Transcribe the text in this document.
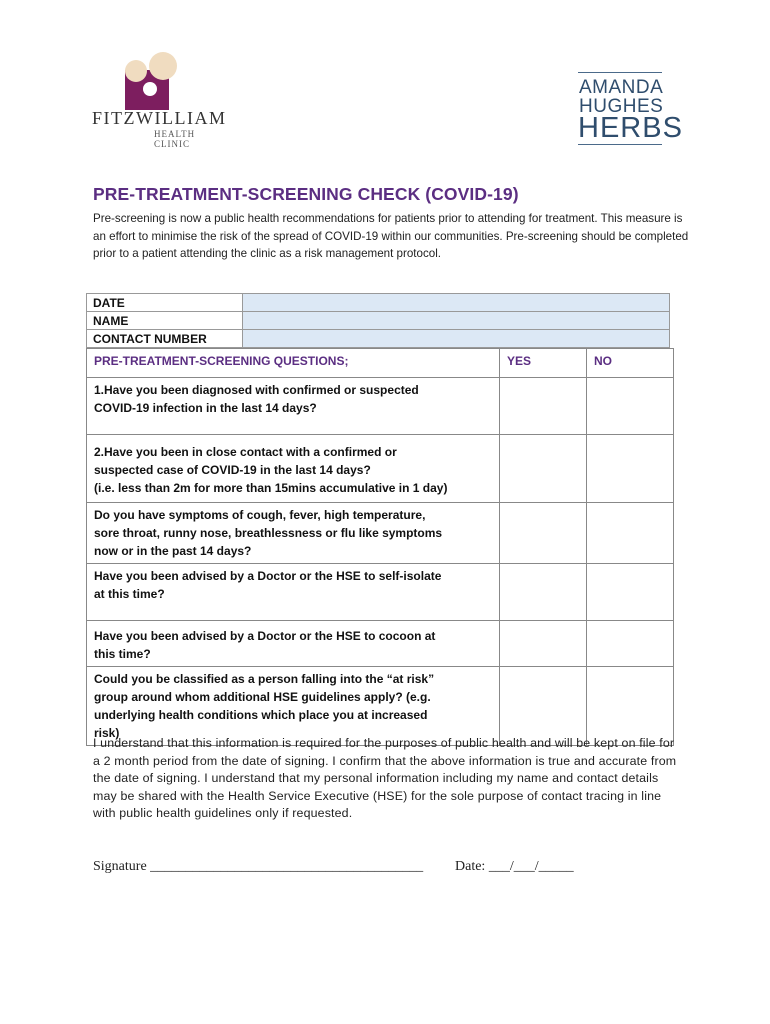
FITZWILLIAM
HEALTH CLINIC
AMANDA
HUGHES
HERBS
PRE-TREATMENT-SCREENING CHECK (COVID-19)
Pre-screening is now a public health recommendations for patients prior to attending for treatment. This measure is an effort to minimise the risk of the spread of COVID-19 within our communities. Pre-screening should be completed prior to a patient attending the clinic as a risk management protocol.
DATE	
NAME	
CONTACT NUMBER	
PRE-TREATMENT-SCREENING QUESTIONS;	YES	NO

1.Have you been diagnosed with confirmed or suspected
COVID-19 infection in the last 14 days?		

2.Have you been in close contact with a confirmed or
suspected case of COVID-19 in the last 14 days?
(i.e. less than 2m for more than 15mins accumulative in 1 day)		

Do you have symptoms of cough, fever, high temperature,
sore throat, runny nose, breathlessness or flu like symptoms
now or in the past 14 days?		

Have you been advised by a Doctor or the HSE to self-isolate
at this time?		

Have you been advised by a Doctor or the HSE to cocoon at
this time?		

Could you be classified as a person falling into the “at risk”
group around whom additional HSE guidelines apply? (e.g.
underlying health conditions which place you at increased
risk)		

I understand that this information is required for the purposes of public health and will be kept on file for a 2 month period from the date of signing. I confirm that the above information is true and accurate from the date of signing. I understand that my personal information including my name and contact details may be shared with the Health Service Executive (HSE) for the sole purpose of contact tracing in line with public health guidelines only if requested.
Signature _______________________________________ Date: ___/___/_____
